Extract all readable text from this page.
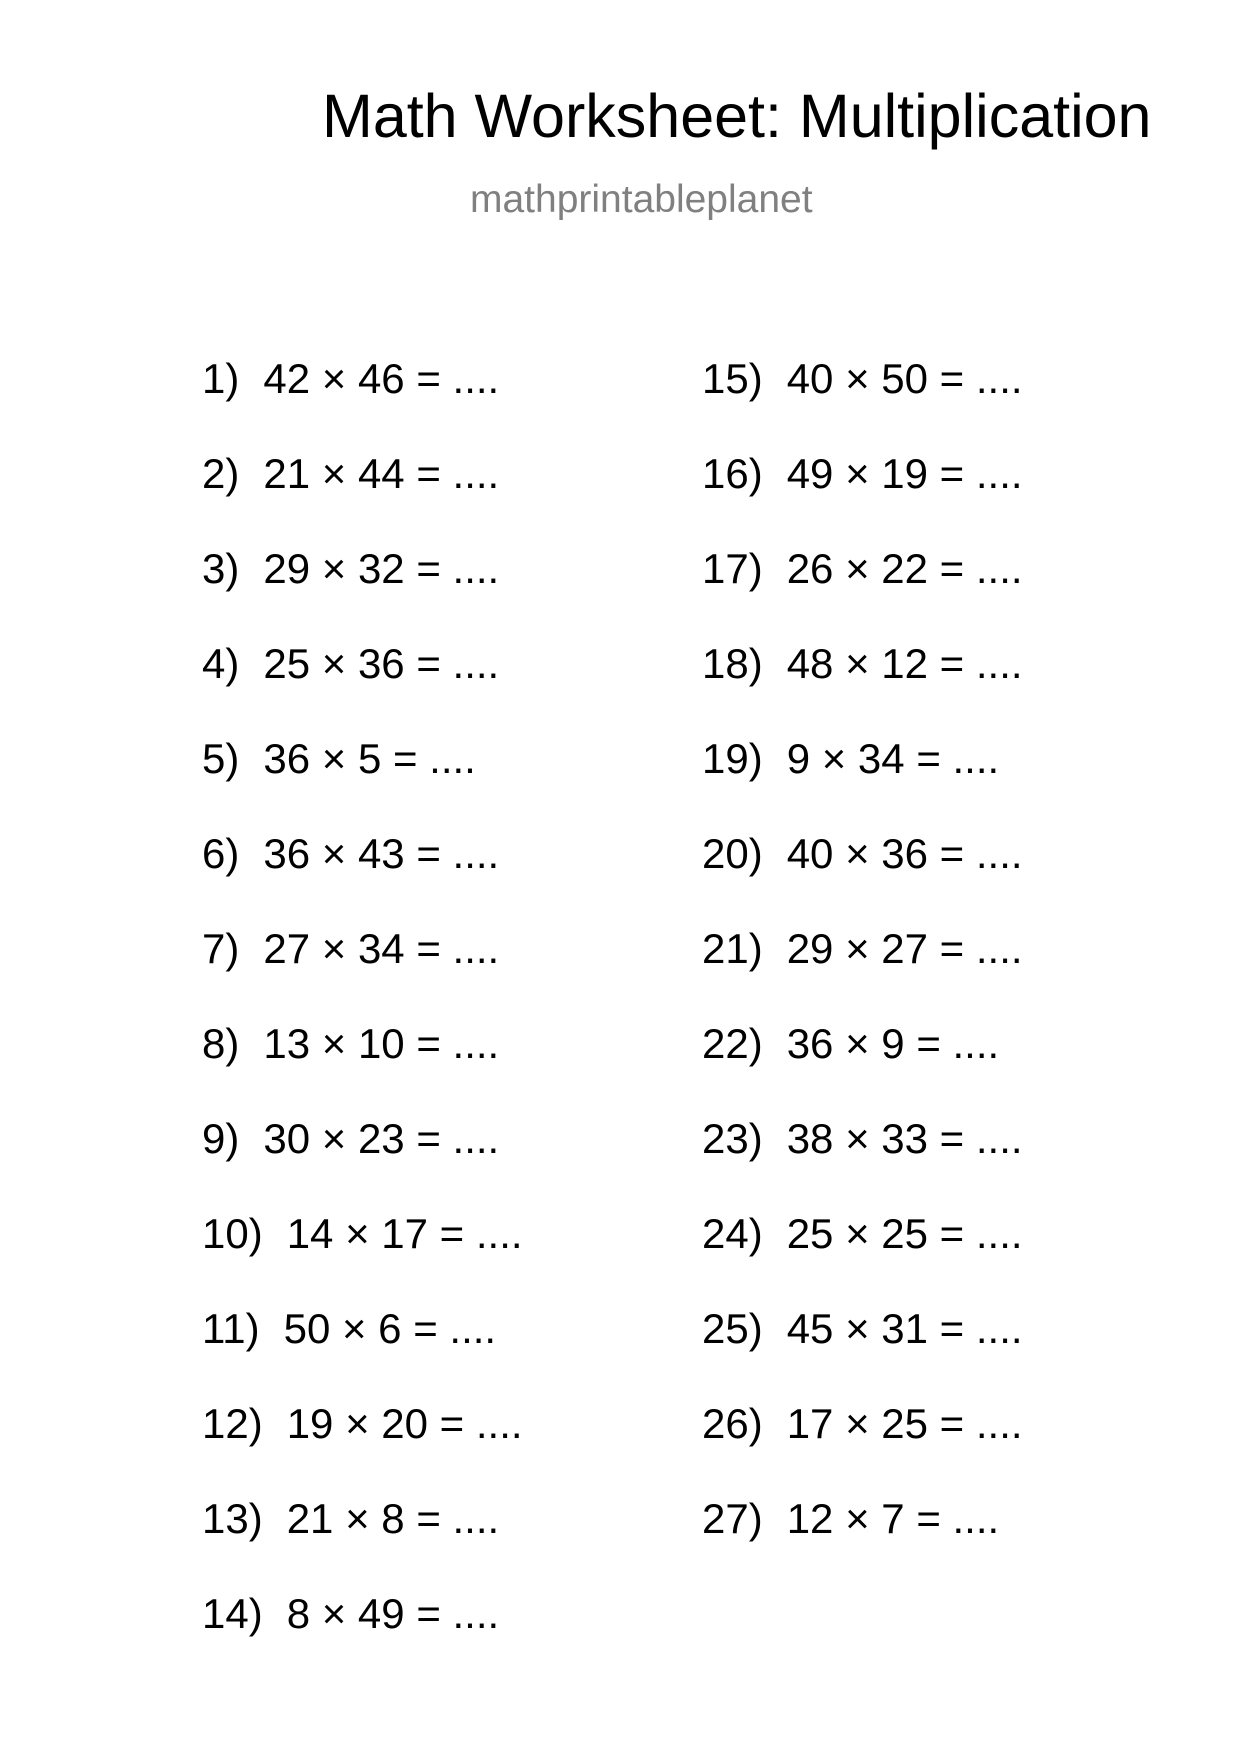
Math Worksheet: Multiplication
mathprintableplanet
1) 42 × 46 = ....
2) 21 × 44 = ....
3) 29 × 32 = ....
4) 25 × 36 = ....
5) 36 × 5 = ....
6) 36 × 43 = ....
7) 27 × 34 = ....
8) 13 × 10 = ....
9) 30 × 23 = ....
10) 14 × 17 = ....
11) 50 × 6 = ....
12) 19 × 20 = ....
13) 21 × 8 = ....
14) 8 × 49 = ....
15) 40 × 50 = ....
16) 49 × 19 = ....
17) 26 × 22 = ....
18) 48 × 12 = ....
19) 9 × 34 = ....
20) 40 × 36 = ....
21) 29 × 27 = ....
22) 36 × 9 = ....
23) 38 × 33 = ....
24) 25 × 25 = ....
25) 45 × 31 = ....
26) 17 × 25 = ....
27) 12 × 7 = ....
